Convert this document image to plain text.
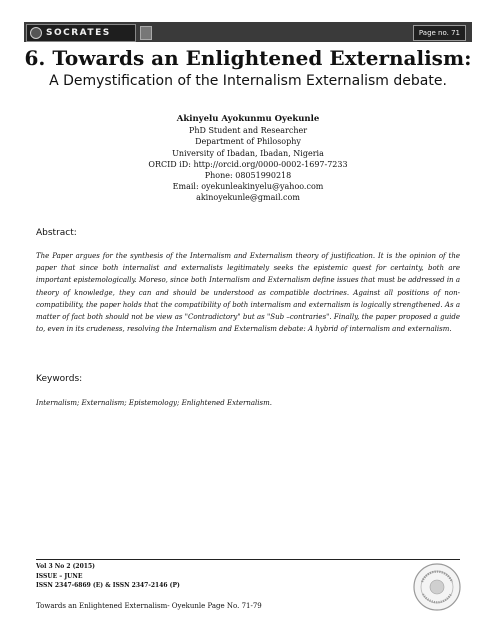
SOCRATES	Page no. 71
6. Towards an Enlightened Externalism:
A Demystification of the Internalism Externalism debate.
Akinyelu Ayokunmu Oyekunle
PhD Student and Researcher
Department of Philosophy
University of Ibadan, Ibadan, Nigeria
ORCID iD: http://orcid.org/0000-0002-1697-7233
Phone: 08051990218
Email: oyekunleakinyelu@yahoo.com
akinoyekunle@gmail.com
Abstract:

The Paper argues for the synthesis of the Internalism and Externalism theory of justification. It is the opinion of the paper that since both internalist and externalists legitimately seeks the epistemic quest for certainty, both are important epistemologically. Moreso, since both Internalism and Externalism define issues that must be addressed in a theory of knowledge, they can and should be understood as compatible doctrines. Against all positions of non-compatibility, the paper holds that the compatibility of both internalism and externalism is logically strengthened. As a matter of fact both should not be view as "Contradictory" but as "Sub –contraries". Finally, the paper proposed a guide to, even in its crudeness, resolving the Internalism and Externalism debate: A hybrid of internalism and externalism.

Keywords:
Internalism; Externalism; Epistemology; Enlightened Externalism.
Vol 3 No 2 (2015)
ISSUE – JUNE
ISSN 2347-6869 (E) & ISSN 2347-2146 (P)
Towards an Enlightened Externalism- Oyekunle Page No. 71-79
